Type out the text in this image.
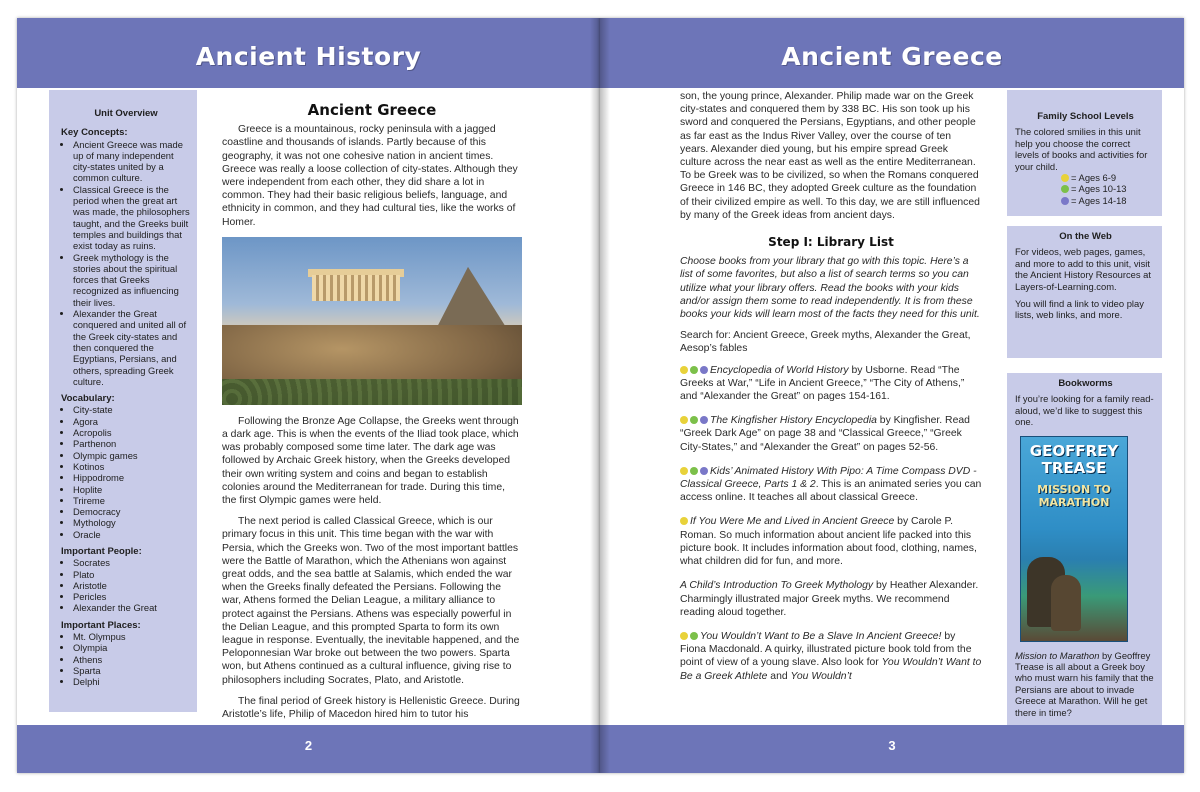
Ancient History
Unit Overview
Key Concepts:
• Ancient Greece was made up of many independent city-states united by a common culture.
• Classical Greece is the period when the great art was made, the philosophers taught, and the Greeks built temples and buildings that exist today as ruins.
• Greek mythology is the stories about the spiritual forces that Greeks recognized as influencing their lives.
• Alexander the Great conquered and united all of the Greek city-states and then conquered the Egyptians, Persians, and others, spreading Greek culture.
Vocabulary:
• City-state
• Agora
• Acropolis
• Parthenon
• Olympic games
• Kotinos
• Hippodrome
• Hoplite
• Trireme
• Democracy
• Mythology
• Oracle
Important People:
• Socrates
• Plato
• Aristotle
• Pericles
• Alexander the Great
Important Places:
• Mt. Olympus
• Olympia
• Athens
• Sparta
• Delphi
Ancient Greece

Greece is a mountainous, rocky peninsula with a jagged coastline and thousands of islands. Partly because of this geography, it was not one cohesive nation in ancient times. Greece was really a loose collection of city-states. Although they were independent from each other, they did share a lot in common. They had their basic religious beliefs, language, and ethnicity in common, and they had cultural ties, like the works of Homer.

Following the Bronze Age Collapse, the Greeks went through a dark age. This is when the events of the Iliad took place, which was probably composed some time later. The dark age was followed by Archaic Greek history, when the Greeks developed their own writing system and coins and began to establish colonies around the Mediterranean for trade. During this time, the first Olympic games were held.

The next period is called Classical Greece, which is our primary focus in this unit. This time began with the war with Persia, which the Greeks won. Two of the most important battles were the Battle of Marathon, which the Athenians won against great odds, and the sea battle at Salamis, which ended the war when the Greeks finally defeated the Persians. Following the war, Athens formed the Delian League, a military alliance to protect against the Persians. Athens was especially powerful in the Delian League, and this prompted Sparta to form its own league in response. Eventually, the inevitable happened, and the Peloponnesian War broke out between the two powers. Sparta won, but Athens continued as a cultural influence, giving rise to philosophers including Socrates, Plato, and Aristotle.

The final period of Greek history is Hellenistic Greece. During Aristotle’s life, Philip of Macedon hired him to tutor his

2
Ancient Greece

son, the young prince, Alexander. Philip made war on the Greek city-states and conquered them by 338 BC. His son took up his sword and conquered the Persians, Egyptians, and other people as far east as the Indus River Valley, over the course of ten years. Alexander died young, but his empire spread Greek culture across the near east as well as the entire Mediterranean. To be Greek was to be civilized, so when the Romans conquered Greece in 146 BC, they adopted Greek culture as the foundation of their civilized empire as well. To this day, we are still influenced by many of the Greek ideas from ancient days.

Step I: Library List

Choose books from your library that go with this topic. Here’s a list of some favorites, but also a list of search terms so you can utilize what your library offers. Read the books with your kids and/or assign them some to read independently. It is from these books your kids will learn most of the facts they need for this unit.

Search for: Ancient Greece, Greek myths, Alexander the Great, Aesop’s fables

Encyclopedia of World History by Usborne. Read “The Greeks at War,” “Life in Ancient Greece,” “The City of Athens,” and “Alexander the Great” on pages 154-161.

The Kingfisher History Encyclopedia by Kingfisher. Read “Greek Dark Age” on page 38 and “Classical Greece,” “Greek City-States,” and “Alexander the Great” on pages 52-56.

Kids’ Animated History With Pipo: A Time Compass DVD - Classical Greece, Parts 1 & 2. This is an animated series you can access online. It teaches all about classical Greece.

If You Were Me and Lived in Ancient Greece by Carole P. Roman. So much information about ancient life packed into this picture book. It includes information about food, clothing, names, what children did for fun, and more.

A Child’s Introduction To Greek Mythology by Heather Alexander. Charmingly illustrated major Greek myths. We recommend reading aloud together.

You Wouldn’t Want to Be a Slave In Ancient Greece! by Fiona Macdonald. A quirky, illustrated picture book told from the point of view of a young slave. Also look for You Wouldn’t Want to Be a Greek Athlete and You Wouldn’t

Family School Levels
The colored smilies in this unit help you choose the correct levels of books and activities for your child.
= Ages 6-9
= Ages 10-13
= Ages 14-18
On the Web
For videos, web pages, games, and more to add to this unit, visit the Ancient History Resources at Layers-of-Learning.com.
You will find a link to video play lists, web links, and more.
Bookworms
If you’re looking for a family read-aloud, we’d like to suggest this one.
GEOFFREY TREASE
MISSION TO MARATHON
Mission to Marathon by Geoffrey Trease is all about a Greek boy who must warn his family that the Persians are about to invade Greece at Marathon. Will he get there in time?
3
